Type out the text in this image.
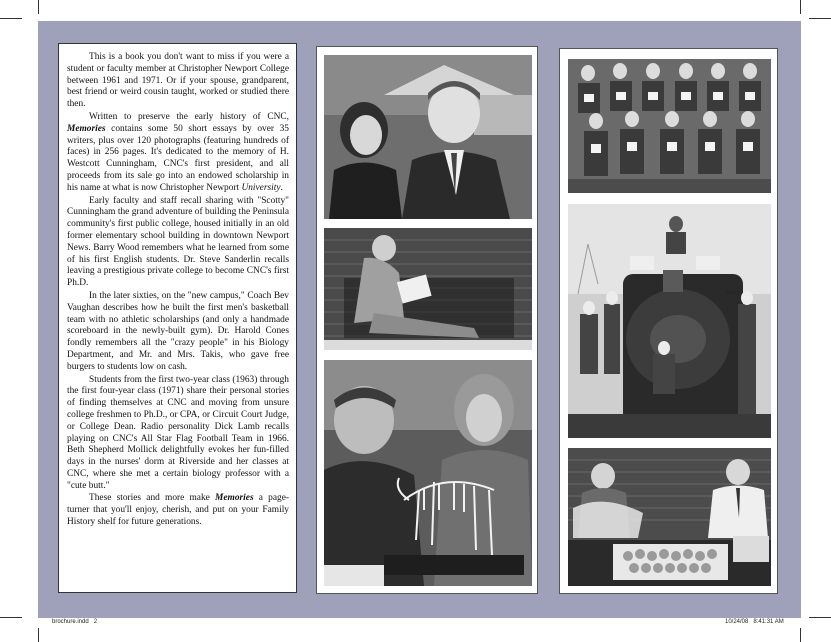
This is a book you don't want to miss if you were a student or faculty member at Christopher Newport College between 1961 and 1971. Or if your spouse, grandparent, best friend or weird cousin taught, worked or studied there then.

Written to preserve the early history of CNC, Memories contains some 50 short essays by over 35 writers, plus over 120 photographs (featuring hundreds of faces) in 256 pages. It's dedicated to the memory of H. Westcott Cunningham, CNC's first president, and all proceeds from its sale go into an endowed scholarship in his name at what is now Christopher Newport University.

Early faculty and staff recall sharing with "Scotty" Cunningham the grand adventure of building the Peninsula community's first public college, housed initially in an old former elementary school building in downtown Newport News. Barry Wood remembers what he learned from some of his first English students. Dr. Steve Sanderlin recalls leaving a prestigious private college to become CNC's first Ph.D.

In the later sixties, on the "new campus," Coach Bev Vaughan describes how he built the first men's basketball team with no athletic scholarships (and only a handmade scoreboard in the newly-built gym). Dr. Harold Cones fondly remembers all the "crazy people" in his Biology Department, and Mr. and Mrs. Takis, who gave free burgers to students low on cash.

Students from the first two-year class (1963) through the first four-year class (1971) share their personal stories of finding themselves at CNC and moving from unsure college freshmen to Ph.D., or CPA, or Circuit Court Judge, or College Dean. Radio personality Dick Lamb recalls playing on CNC's All Star Flag Football Team in 1966. Beth Shepherd Mollick delightfully evokes her fun-filled days in the nurses' dorm at Riverside and her classes at CNC, where she met a certain biology professor with a "cute butt."

These stories and more make Memories a page-turner that you'll enjoy, cherish, and put on your Family History shelf for future generations.

Barry
brochure.indd   2	10/24/08   8:41:31 AM
